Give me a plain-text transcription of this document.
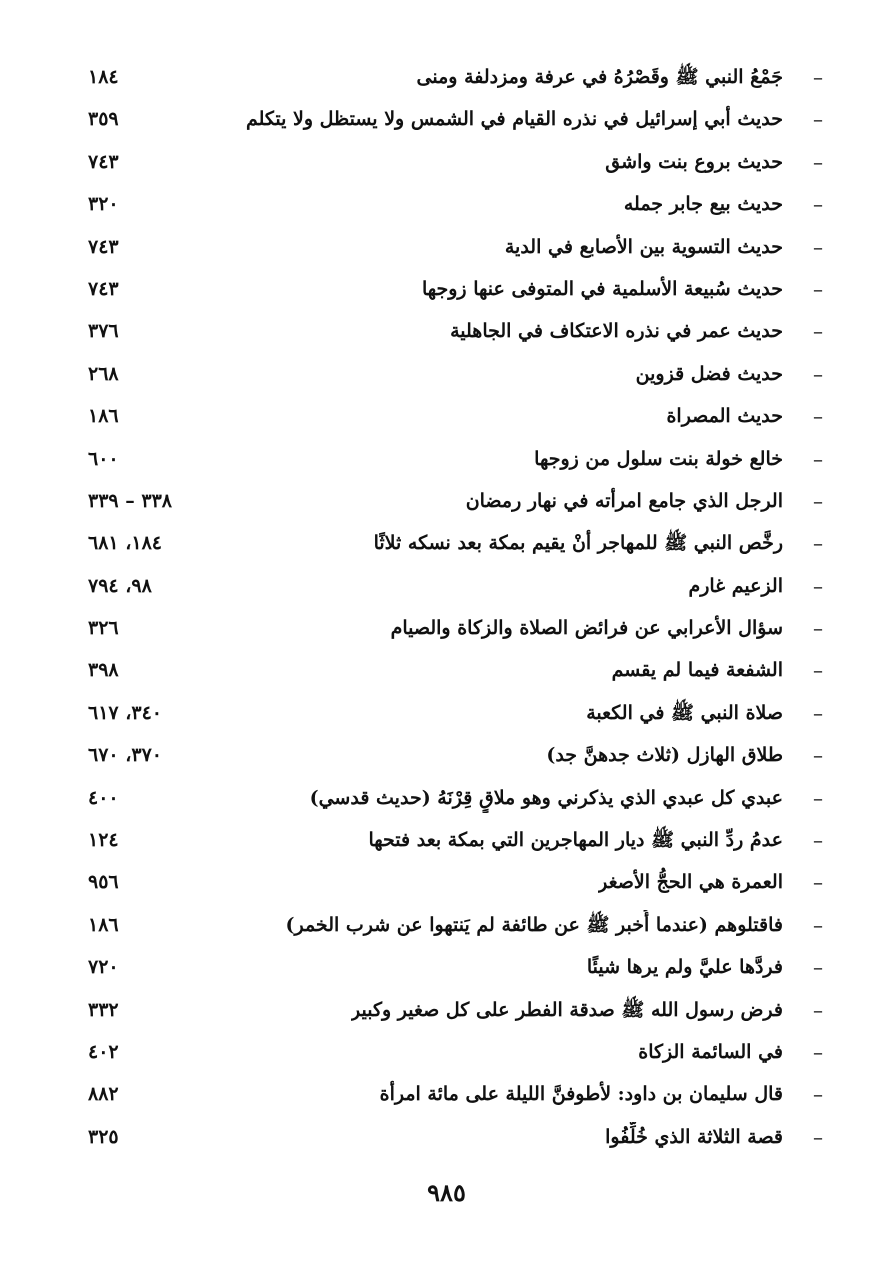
–
جَمْعُ النبي ﷺ وقَصْرُهُ في عرفة ومزدلفة ومنى
١٨٤
–
حديث أبي إسرائيل في نذره القيام في الشمس ولا يستظل ولا يتكلم
٣٥٩
–
حديث بروع بنت واشق
٧٤٣
–
حديث بيع جابر جمله
٣٢٠
–
حديث التسوية بين الأصابع في الدية
٧٤٣
–
حديث سُبيعة الأسلمية في المتوفى عنها زوجها
٧٤٣
–
حديث عمر في نذره الاعتكاف في الجاهلية
٣٧٦
–
حديث فضل قزوين
٢٦٨
–
حديث المصراة
١٨٦
–
خالع خولة بنت سلول من زوجها
٦٠٠
–
الرجل الذي جامع امرأته في نهار رمضان
٣٣٨ – ٣٣٩
–
رخَّص النبي ﷺ للمهاجر أنْ يقيم بمكة بعد نسكه ثلاثًا
١٨٤، ٦٨١
–
الزعيم غارم
٩٨، ٧٩٤
–
سؤال الأعرابي عن فرائض الصلاة والزكاة والصيام
٣٢٦
–
الشفعة فيما لم يقسم
٣٩٨
–
صلاة النبي ﷺ في الكعبة
٣٤٠، ٦١٧
–
طلاق الهازل (ثلاث جدهنَّ جد)
٣٧٠، ٦٧٠
–
عبدي كل عبدي الذي يذكرني وهو ملاقٍ قِرْنَهُ (حديث قدسي)
٤٠٠
–
عدمُ ردِّ النبي ﷺ ديار المهاجرين التي بمكة بعد فتحها
١٢٤
–
العمرة هي الحجُّ الأصغر
٩٥٦
–
فاقتلوهم (عندما أُخبر ﷺ عن طائفة لم يَنتهوا عن شرب الخمر)
١٨٦
–
فردَّها عليَّ ولم يرها شيئًا
٧٢٠
–
فرض رسول الله ﷺ صدقة الفطر على كل صغير وكبير
٣٣٢
–
في السائمة الزكاة
٤٠٢
–
قال سليمان بن داود: لأطوفنَّ الليلة على مائة امرأة
٨٨٢
–
قصة الثلاثة الذي خُلِّفُوا
٣٢٥
٩٨٥
